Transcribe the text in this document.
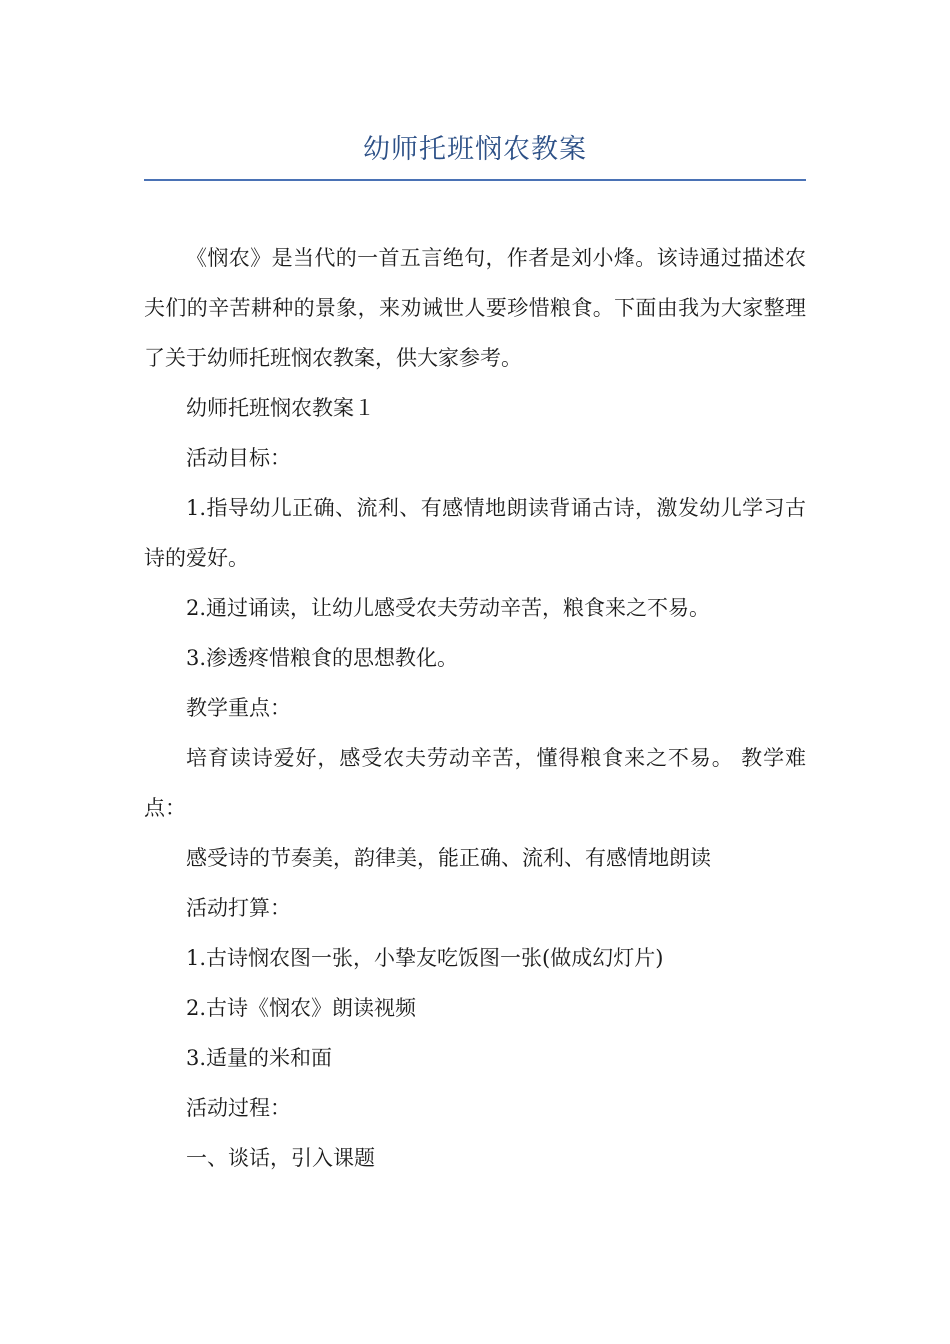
幼师托班悯农教案

《悯农》是当代的一首五言绝句，作者是刘小烽。该诗通过描述农夫们的辛苦耕种的景象，来劝诫世人要珍惜粮食。下面由我为大家整理了关于幼师托班悯农教案，供大家参考。

幼师托班悯农教案１

活动目标：

1.指导幼儿正确、流利、有感情地朗读背诵古诗，激发幼儿学习古诗的爱好。

2.通过诵读，让幼儿感受农夫劳动辛苦，粮食来之不易。

3.渗透疼惜粮食的思想教化。

教学重点：

培育读诗爱好，感受农夫劳动辛苦，懂得粮食来之不易。 教学难点：

感受诗的节奏美，韵律美，能正确、流利、有感情地朗读

活动打算：

1.古诗悯农图一张，小挚友吃饭图一张(做成幻灯片)

2.古诗《悯农》朗读视频

3.适量的米和面

活动过程：

一、谈话，引入课题
